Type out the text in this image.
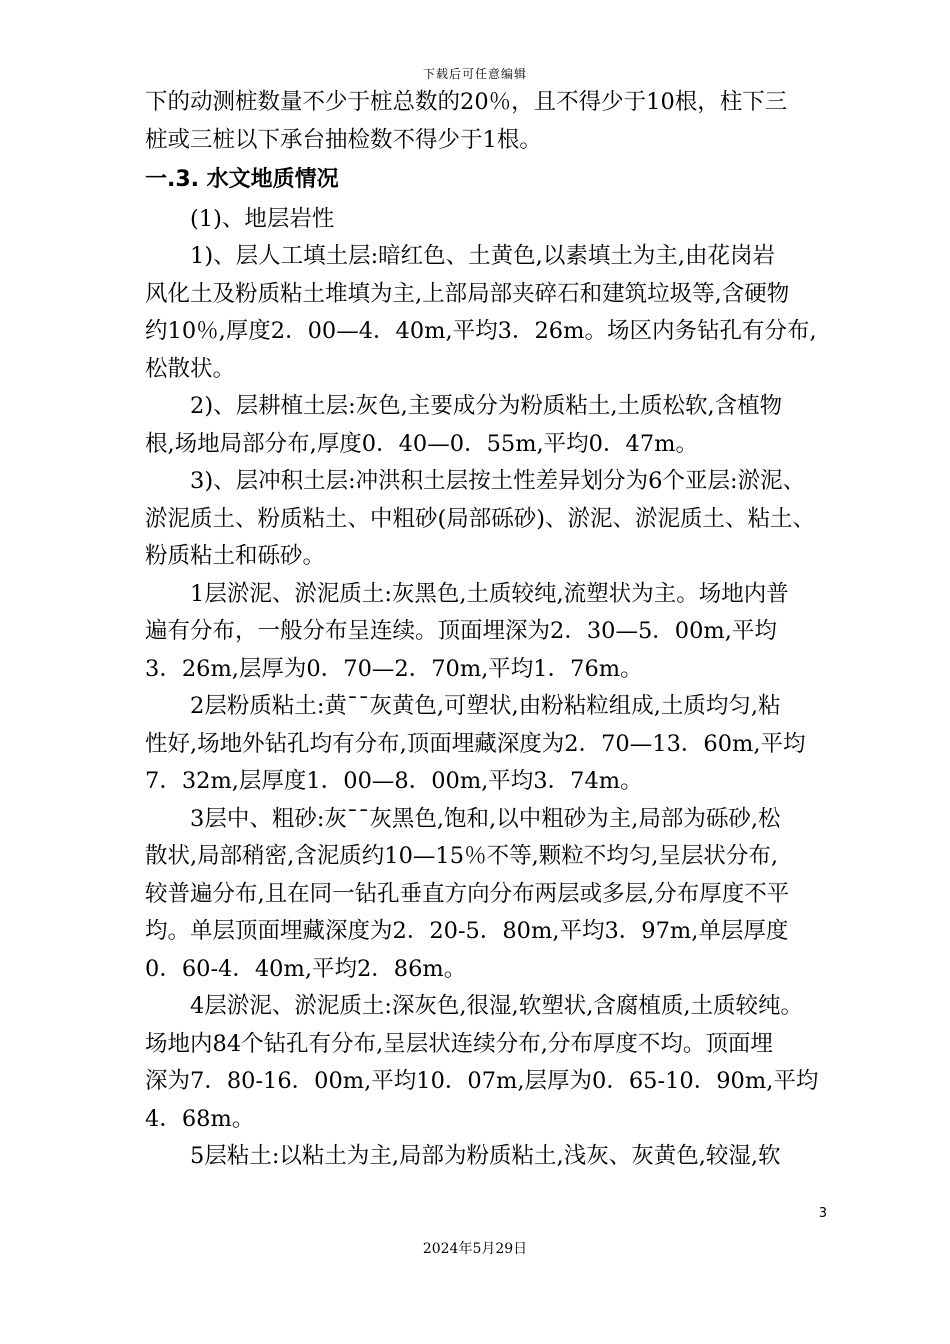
下载后可任意编辑
下的动测桩数量不少于桩总数的20％，且不得少于10根，柱下三
桩或三桩以下承台抽检数不得少于1根。
一.3. 水文地质情况
(1)、地层岩性
1)、层人工填土层:暗红色、土黄色,以素填土为主,由花岗岩
风化土及粉质粘土堆填为主,上部局部夹碎石和建筑垃圾等,含硬物
约10％,厚度2．00—4．40m,平均3．26m。场区内务钻孔有分布,
松散状。
2)、层耕植土层:灰色,主要成分为粉质粘土,土质松软,含植物
根,场地局部分布,厚度0．40—0．55m,平均0．47m。
3)、层冲积土层:冲洪积土层按土性差异划分为6个亚层:淤泥、
淤泥质土、粉质粘土、中粗砂(局部砾砂)、淤泥、淤泥质土、粘土、
粉质粘土和砾砂。
1层淤泥、淤泥质土:灰黑色,土质较纯,流塑状为主。场地内普
遍有分布，一般分布呈连续。顶面埋深为2．30—5．00m,平均
3．26m,层厚为0．70—2．70m,平均1．76m。
2层粉质粘土:黄¯¯灰黄色,可塑状,由粉粘粒组成,土质均匀,粘
性好,场地外钻孔均有分布,顶面埋藏深度为2．70—13．60m,平均
7．32m,层厚度1．00—8．00m,平均3．74m。
3层中、粗砂:灰¯¯灰黑色,饱和,以中粗砂为主,局部为砾砂,松
散状,局部稍密,含泥质约10—15％不等,颗粒不均匀,呈层状分布,
较普遍分布,且在同一钻孔垂直方向分布两层或多层,分布厚度不平
均。单层顶面埋藏深度为2．20-5．80m,平均3．97m,单层厚度
0．60-4．40m,平均2．86m。
4层淤泥、淤泥质土:深灰色,很湿,软塑状,含腐植质,土质较纯。
场地内84个钻孔有分布,呈层状连续分布,分布厚度不均。顶面埋
深为7．80-16．00m,平均10．07m,层厚为0．65-10．90m,平均
4．68m。
5层粘土:以粘土为主,局部为粉质粘土,浅灰、灰黄色,较湿,软
3
2024年5月29日
